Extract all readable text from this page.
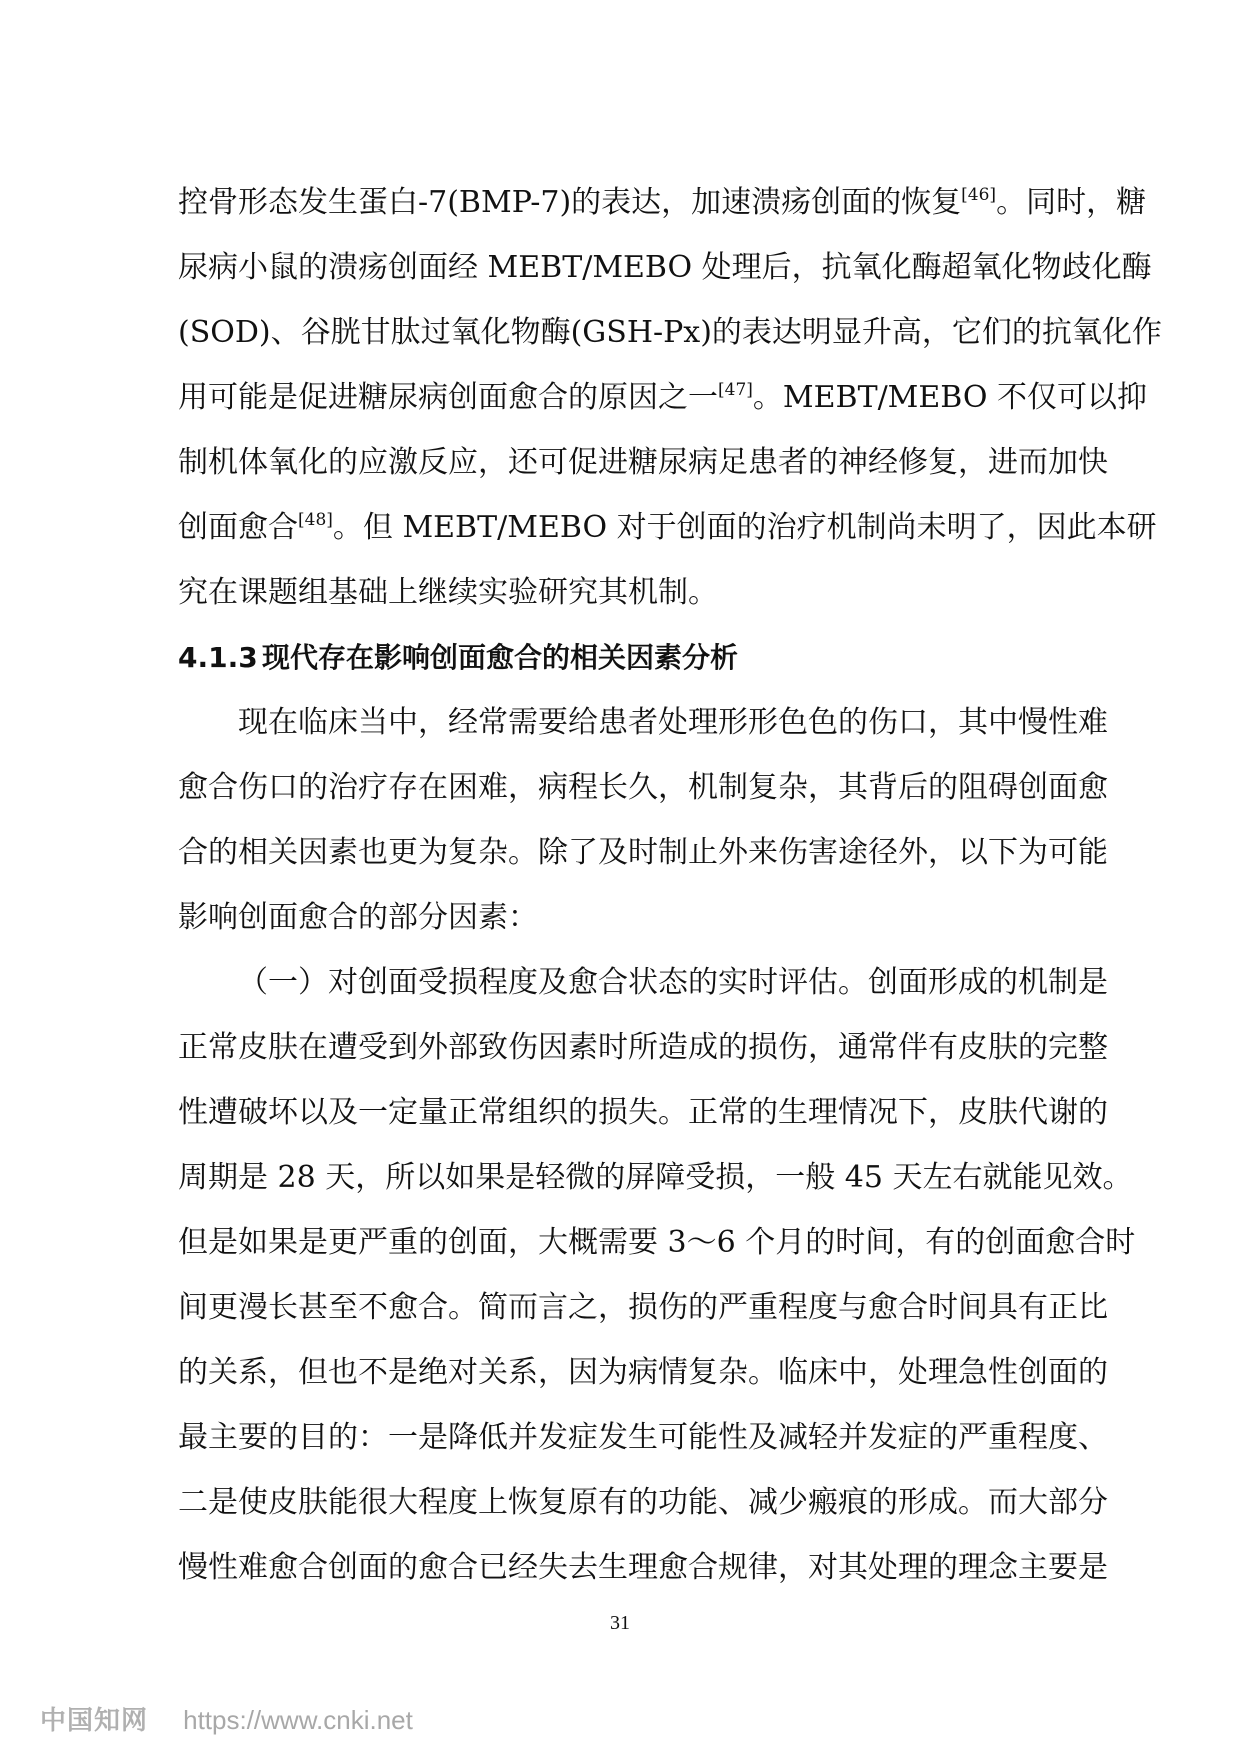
控骨形态发生蛋白-7(BMP-7)的表达，加速溃疡创面的恢复[46]。同时，糖
尿病小鼠的溃疡创面经 MEBT/MEBO 处理后，抗氧化酶超氧化物歧化酶
(SOD)、谷胱甘肽过氧化物酶(GSH-Px)的表达明显升高，它们的抗氧化作
用可能是促进糖尿病创面愈合的原因之一[47]。MEBT/MEBO 不仅可以抑
制机体氧化的应激反应，还可促进糖尿病足患者的神经修复，进而加快
创面愈合[48]。但 MEBT/MEBO 对于创面的治疗机制尚未明了，因此本研
究在课题组基础上继续实验研究其机制。
4.1.3 现代存在影响创面愈合的相关因素分析
现在临床当中，经常需要给患者处理形形色色的伤口，其中慢性难
愈合伤口的治疗存在困难，病程长久，机制复杂，其背后的阻碍创面愈
合的相关因素也更为复杂。除了及时制止外来伤害途径外，以下为可能
影响创面愈合的部分因素：
（一）对创面受损程度及愈合状态的实时评估。创面形成的机制是
正常皮肤在遭受到外部致伤因素时所造成的损伤，通常伴有皮肤的完整
性遭破坏以及一定量正常组织的损失。正常的生理情况下，皮肤代谢的
周期是 28 天，所以如果是轻微的屏障受损，一般 45 天左右就能见效。
但是如果是更严重的创面，大概需要 3～6 个月的时间，有的创面愈合时
间更漫长甚至不愈合。简而言之，损伤的严重程度与愈合时间具有正比
的关系，但也不是绝对关系，因为病情复杂。临床中，处理急性创面的
最主要的目的：一是降低并发症发生可能性及减轻并发症的严重程度、
二是使皮肤能很大程度上恢复原有的功能、减少瘢痕的形成。而大部分
慢性难愈合创面的愈合已经失去生理愈合规律，对其处理的理念主要是
31
中国知网 https://www.cnki.net
